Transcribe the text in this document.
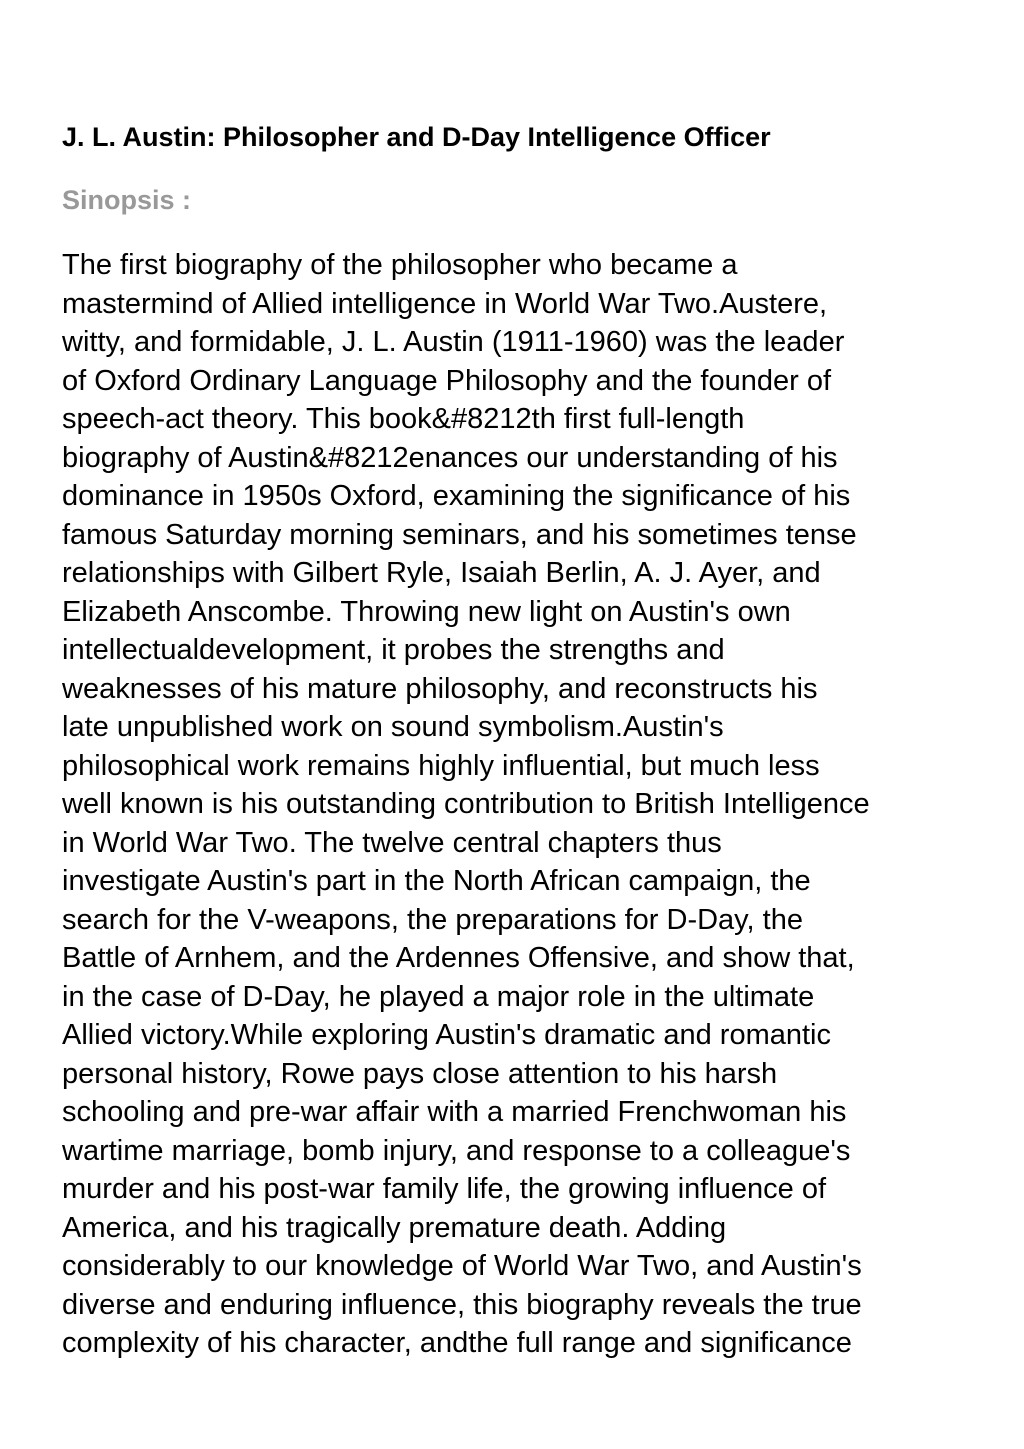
J. L. Austin: Philosopher and D-Day Intelligence Officer
Sinopsis :
The first biography of the philosopher who became a
mastermind of Allied intelligence in World War Two.Austere,
witty, and formidable, J. L. Austin (1911-1960) was the leader
of Oxford Ordinary Language Philosophy and the founder of
speech-act theory. This book&#8212th first full-length
biography of Austin&#8212enances our understanding of his
dominance in 1950s Oxford, examining the significance of his
famous Saturday morning seminars, and his sometimes tense
relationships with Gilbert Ryle, Isaiah Berlin, A. J. Ayer, and
Elizabeth Anscombe. Throwing new light on Austin's own
intellectualdevelopment, it probes the strengths and
weaknesses of his mature philosophy, and reconstructs his
late unpublished work on sound symbolism.Austin's
philosophical work remains highly influential, but much less
well known is his outstanding contribution to British Intelligence
in World War Two. The twelve central chapters thus
investigate Austin's part in the North African campaign, the
search for the V-weapons, the preparations for D-Day, the
Battle of Arnhem, and the Ardennes Offensive, and show that,
in the case of D-Day, he played a major role in the ultimate
Allied victory.While exploring Austin's dramatic and romantic
personal history, Rowe pays close attention to his harsh
schooling and pre-war affair with a married Frenchwoman his
wartime marriage, bomb injury, and response to a colleague's
murder and his post-war family life, the growing influence of
America, and his tragically premature death. Adding
considerably to our knowledge of World War Two, and Austin's
diverse and enduring influence, this biography reveals the true
complexity of his character, andthe full range and significance
